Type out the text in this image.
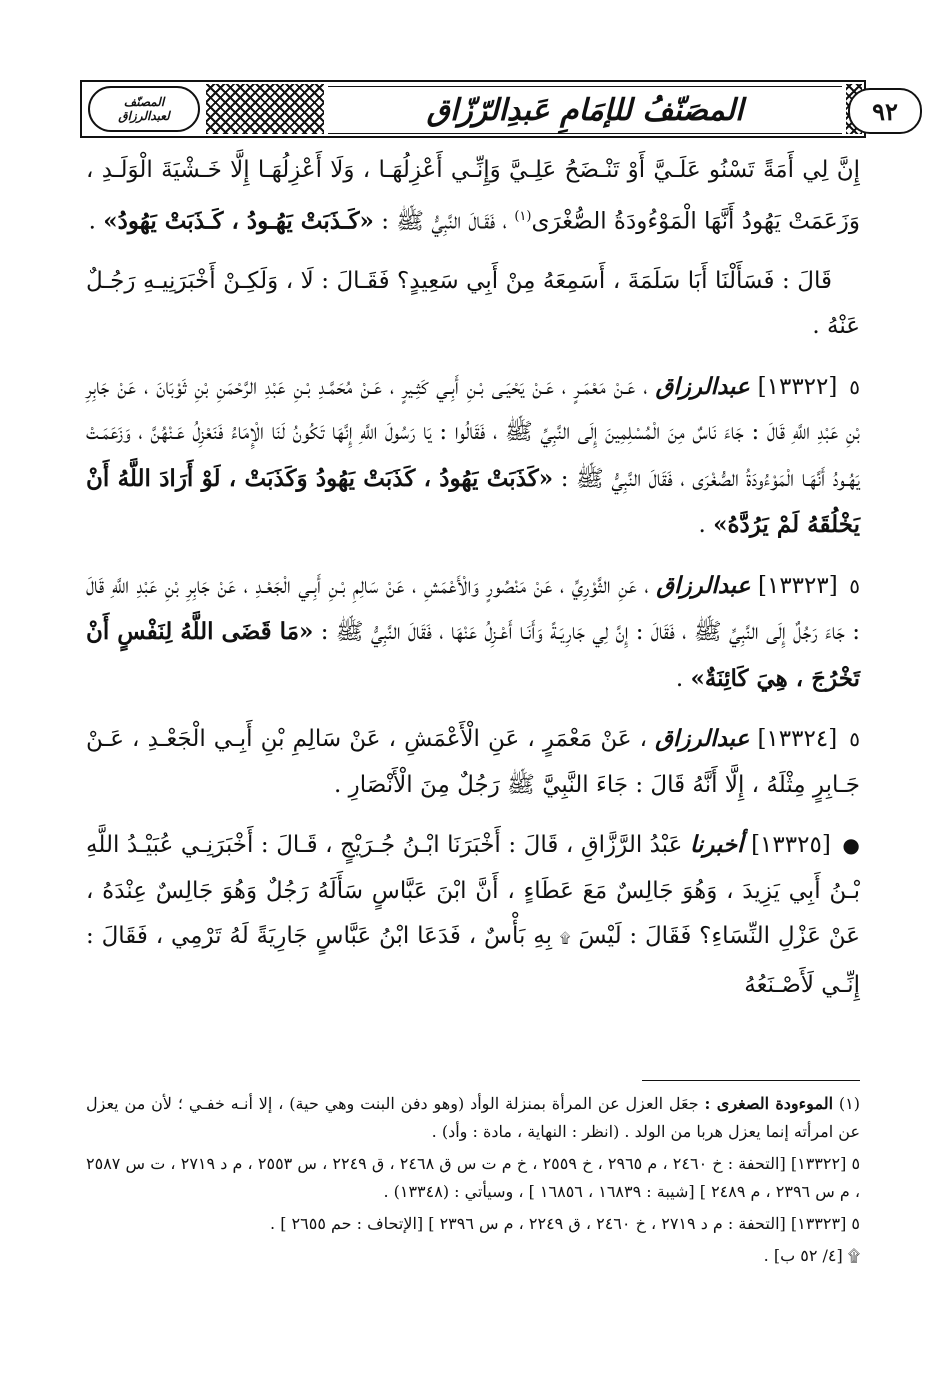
المصنّف
لعبدالرزاق	المصَنّفُ للإمَامِ عَبدِالرّزّاق	٩٢

إِنَّ لِي أَمَةً تَسْنُو عَلَـيَّ أَوْ تَنْـضَحُ عَلِـيَّ وَإِنِّـي أَعْزِلُهَـا ، وَلَا أَعْزِلُهَـا إِلَّا خَـشْيَةَ الْوَلَـدِ ، وَزَعَمَتْ يَهُودُ أَنَّهَا الْمَوْءُودَةُ الصُّغْرَى$^{(١)}$ ، فَقَـالَ النَّبِيُّ ﷺ : «كَـذَبَتْ يَهُـودُ ، كَـذَبَتْ يَهُودُ» .

قَالَ : فَسَأَلْنَا أَبَا سَلَمَةَ ، أَسَمِعَهُ مِنْ أَبِي سَعِيدٍ؟ فَقَـالَ : لَا ، وَلَكِـنْ أَخْبَرَنِيـهِ رَجُـلٌ عَنْهُ .

٥ [١٣٣٢٢] عبدالرزاق ، عَـنْ مَعْمَـرٍ ، عَـنْ يَحْيَـى بْـنِ أَبِـي كَثِـيرٍ ، عَـنْ مُحَمَّـدِ بْـنِ عَبْدِ الرَّحْمَنِ بْنِ ثَوْبَانَ ، عَنْ جَابِرِ بْنِ عَبْدِ اللَّهِ قَالَ : جَاءَ نَاسٌ مِنَ الْمُسْلِمِينَ إِلَى النَّبِيِّ ﷺ ، فَقَالُوا : يَا رَسُولَ اللَّهِ إِنَّهَا تَكُونُ لَنَا الْإِمَاءُ فَنَعْزِلُ عَـنْهُنَّ ، وَزَعَمَـتْ يَهُـودُ أَنَّهَـا الْمَوْءُودَةُ الصُّغْرَى ، فَقَالَ النَّبِيُّ ﷺ : «كَذَبَتْ يَهُودُ ، كَذَبَتْ يَهُودُ وَكَذَبَتْ ، لَوْ أَرَادَ اللَّهُ أَنْ يَخْلُقَهُ لَمْ يَرُدَّهُ» .

٥ [١٣٣٢٣] عبدالرزاق ، عَنِ الثَّوْرِيِّ ، عَنْ مَنْصُورٍ وَالْأَعْمَشِ ، عَنْ سَالِمِ بْـنِ أَبِـي الْجَعْـدِ ، عَنْ جَابِرِ بْنِ عَبْدِ اللَّهِ قَالَ : جَاءَ رَجُلٌ إِلَى النَّبِيِّ ﷺ ، فَقَالَ : إِنَّ لِي جَارِيَـةً وَأَنَـا أَعْـزِلُ عَنْهَا ، فَقَالَ النَّبِيُّ ﷺ : «مَا قَضَى اللَّهُ لِنَفْسٍ أَنْ تَخْرُجَ ، هِيَ كَائِنَةٌ» .

٥ [١٣٣٢٤] عبدالرزاق ، عَنْ مَعْمَرٍ ، عَنِ الْأَعْمَشِ ، عَنْ سَالِمِ بْنِ أَبِـي الْجَعْـدِ ، عَـنْ جَـابِرٍ مِثْلَهُ ، إِلَّا أَنَّهُ قَالَ : جَاءَ النَّبِيَّ ﷺ رَجُلٌ مِنَ الْأَنْصَارِ .

● [١٣٣٢٥] أخبرنا عَبْدُ الرَّزَّاقِ ، قَالَ : أَخْبَرَنَا ابْـنُ جُـرَيْجٍ ، قَـالَ : أَخْبَرَنِـي عُبَيْـدُ اللَّهِ بْـنُ أَبِي يَزِيدَ ، وَهُوَ جَالِسٌ مَعَ عَطَاءٍ ، أَنَّ ابْنَ عَبَّاسٍ سَأَلَهُ رَجُلٌ وَهُوَ جَالِسٌ عِنْدَهُ ، عَنْ عَزْلِ النِّسَاءِ؟ فَقَالَ : لَيْسَ ۩ بِهِ بَأْسٌ ، فَدَعَا ابْنُ عَبَّاسٍ جَارِيَةً لَهُ تَرْمِي ، فَقَالَ : إِنِّـي لَأَصْـنَعُهُ

(١) الموءودة الصغرى : جعَل العزل عن المرأة بمنزلة الوأد (وهو دفن البنت وهي حية) ، إلا أنـه خفـي ؛ لأن من يعزل عن امرأته إنما يعزل هربا من الولد . (انظر : النهاية ، مادة : وأد) .

٥ [١٣٣٢٢] [التحفة : خ ٢٤٦٠ ، م ٢٩٦٥ ، خ ٢٥٥٩ ، خ م ت س ق ٢٤٦٨ ، ق ٢٢٤٩ ، س ٢٥٥٣ ، م د ٢٧١٩ ، ت س ٢٥٨٧ ، م س ٢٣٩٦ ، م ٢٤٨٩ ] [شيبة : ١٦٨٣٩ ، ١٦٨٥٦ ] ، وسيأتي : (١٣٣٤٨) .

٥ [١٣٣٢٣] [التحفة : م د ٢٧١٩ ، خ ٢٤٦٠ ، ق ٢٢٤٩ ، م س ٢٣٩٦ ] [الإتحاف : حم ٢٦٥٥ ] .

۩ [٤/ ٥٢ ب] .
